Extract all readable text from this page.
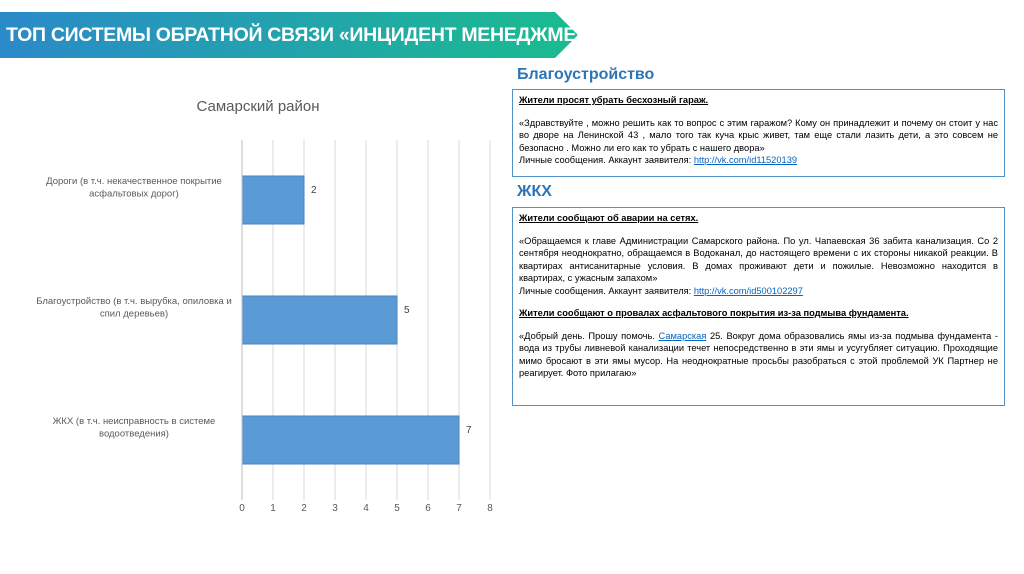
ТОП СИСТЕМЫ ОБРАТНОЙ СВЯЗИ «ИНЦИДЕНТ МЕНЕДЖМЕНТ»
Самарский район
0	1	2	3	4	5	6	7	8
2
Дороги (в т.ч. некачественное покрытие
асфальтовых дорог)
5
Благоустройство (в т.ч. вырубка, опиловка и
спил деревьев)
7
ЖКХ (в т.ч. неисправность в системе
водоотведения)
Благоустройство

Жители просят убрать бесхозный гараж.

«Здравствуйте , можно решить как то вопрос с этим гаражом? Кому он принадлежит и почему он стоит у нас во дворе на Ленинской 43 , мало того так куча крыс живет, там еще стали лазить дети, а это совсем не безопасно . Можно ли его как то убрать с нашего двора»

Личные сообщения. Аккаунт заявителя: http://vk.com/id11520139

ЖКХ

Жители сообщают об аварии на сетях.

«Обращаемся к главе Администрации Самарского района. По ул. Чапаевская 36 забита канализация. Со 2 сентября неоднократно, обращаемся в Водоканал, до настоящего времени с их стороны никакой реакции. В квартирах антисанитарные условия. В домах проживают дети и пожилые. Невозможно находится в квартирах, с ужасным запахом»

Личные сообщения. Аккаунт заявителя: http://vk.com/id500102297

Жители сообщают о провалах асфальтового покрытия из-за подмыва фундамента.

«Добрый день. Прошу помочь. Самарская 25. Вокруг дома образовались ямы из-за подмыва фундамента - вода из трубы ливневой канализации течет непосредственно в эти ямы и усугубляет ситуацию. Проходящие мимо бросают в эти ямы мусор. На неоднократные просьбы разобраться с этой проблемой УК Партнер не реагирует. Фото прилагаю»
